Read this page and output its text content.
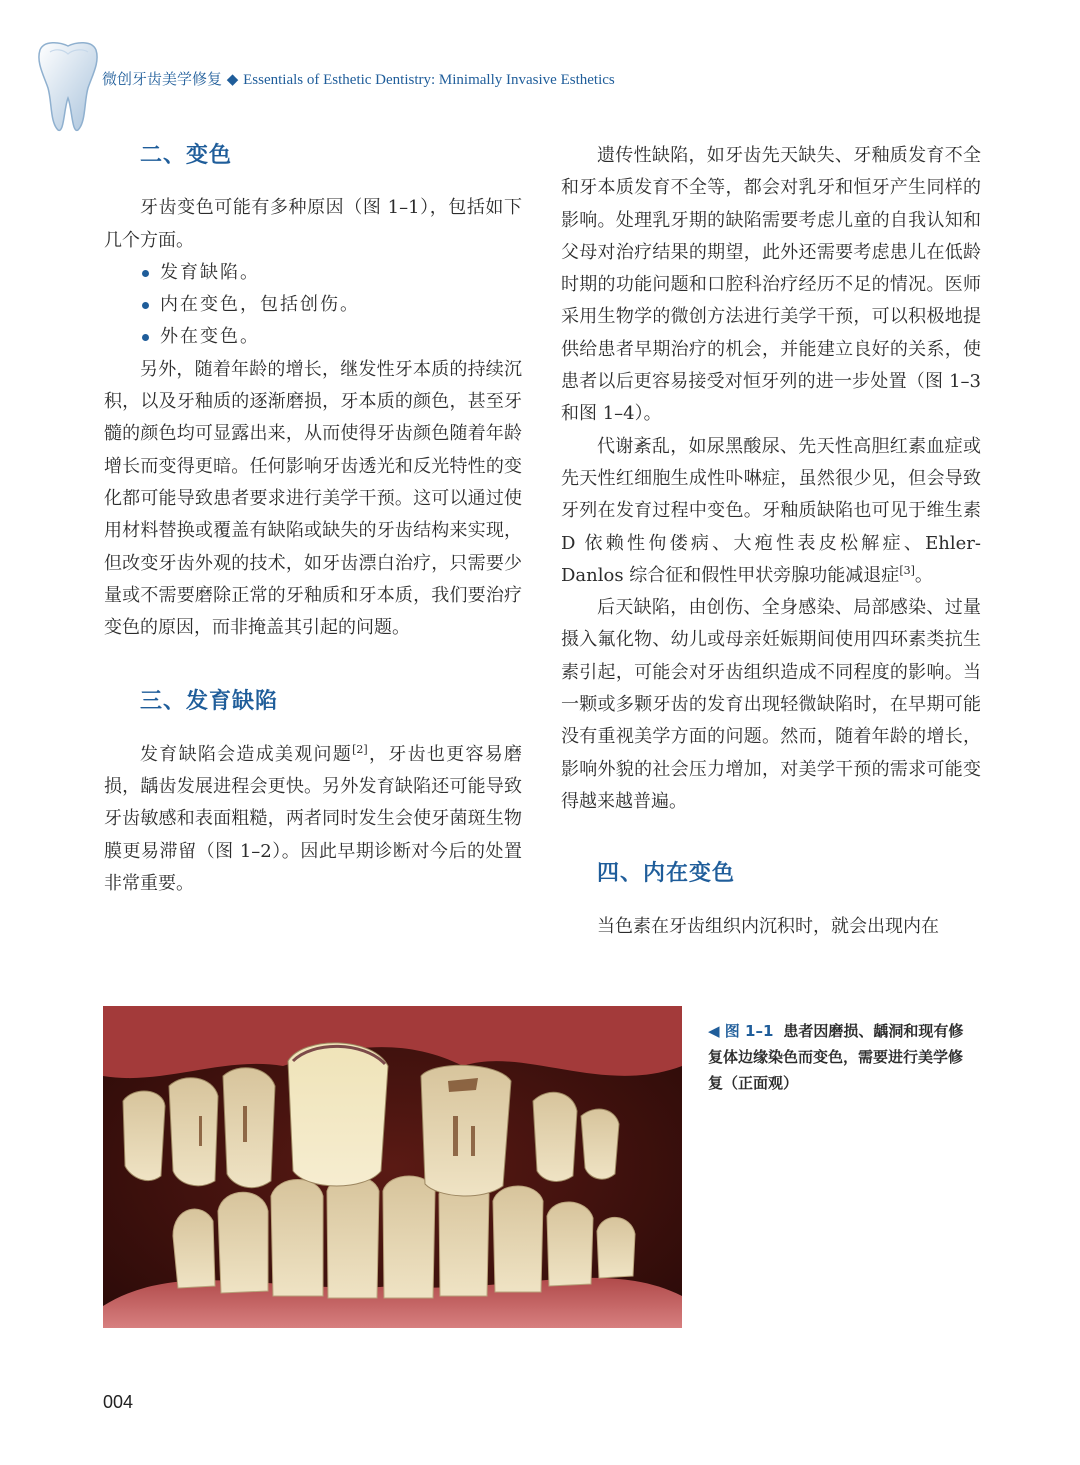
微创牙齿美学修复 ◆ Essentials of Esthetic Dentistry: Minimally Invasive Esthetics
二、变色

牙齿变色可能有多种原因（图 1–1），包括如下几个方面。

发育缺陷。
内在变色，包括创伤。
外在变色。

另外，随着年龄的增长，继发性牙本质的持续沉积，以及牙釉质的逐渐磨损，牙本质的颜色，甚至牙髓的颜色均可显露出来，从而使得牙齿颜色随着年龄增长而变得更暗。任何影响牙齿透光和反光特性的变化都可能导致患者要求进行美学干预。这可以通过使用材料替换或覆盖有缺陷或缺失的牙齿结构来实现，但改变牙齿外观的技术，如牙齿漂白治疗，只需要少量或不需要磨除正常的牙釉质和牙本质，我们要治疗变色的原因，而非掩盖其引起的问题。

三、发育缺陷

发育缺陷会造成美观问题[2]，牙齿也更容易磨损，龋齿发展进程会更快。另外发育缺陷还可能导致牙齿敏感和表面粗糙，两者同时发生会使牙菌斑生物膜更易滞留（图 1–2）。因此早期诊断对今后的处置非常重要。

遗传性缺陷，如牙齿先天缺失、牙釉质发育不全和牙本质发育不全等，都会对乳牙和恒牙产生同样的影响。处理乳牙期的缺陷需要考虑儿童的自我认知和父母对治疗结果的期望，此外还需要考虑患儿在低龄时期的功能问题和口腔科治疗经历不足的情况。医师采用生物学的微创方法进行美学干预，可以积极地提供给患者早期治疗的机会，并能建立良好的关系，使患者以后更容易接受对恒牙列的进一步处置（图 1–3 和图 1–4）。

代谢紊乱，如尿黑酸尿、先天性高胆红素血症或先天性红细胞生成性卟啉症，虽然很少见，但会导致牙列在发育过程中变色。牙釉质缺陷也可见于维生素 D 依赖性佝偻病、大疱性表皮松解症、Ehler-Danlos 综合征和假性甲状旁腺功能减退症[3]。

后天缺陷，由创伤、全身感染、局部感染、过量摄入氟化物、幼儿或母亲妊娠期间使用四环素类抗生素引起，可能会对牙齿组织造成不同程度的影响。当一颗或多颗牙齿的发育出现轻微缺陷时，在早期可能没有重视美学方面的问题。然而，随着年龄的增长，影响外貌的社会压力增加，对美学干预的需求可能变得越来越普遍。

四、内在变色

当色素在牙齿组织内沉积时，就会出现内在

◀ 图 1–1 患者因磨损、龋洞和现有修复体边缘染色而变色，需要进行美学修复（正面观）
004
